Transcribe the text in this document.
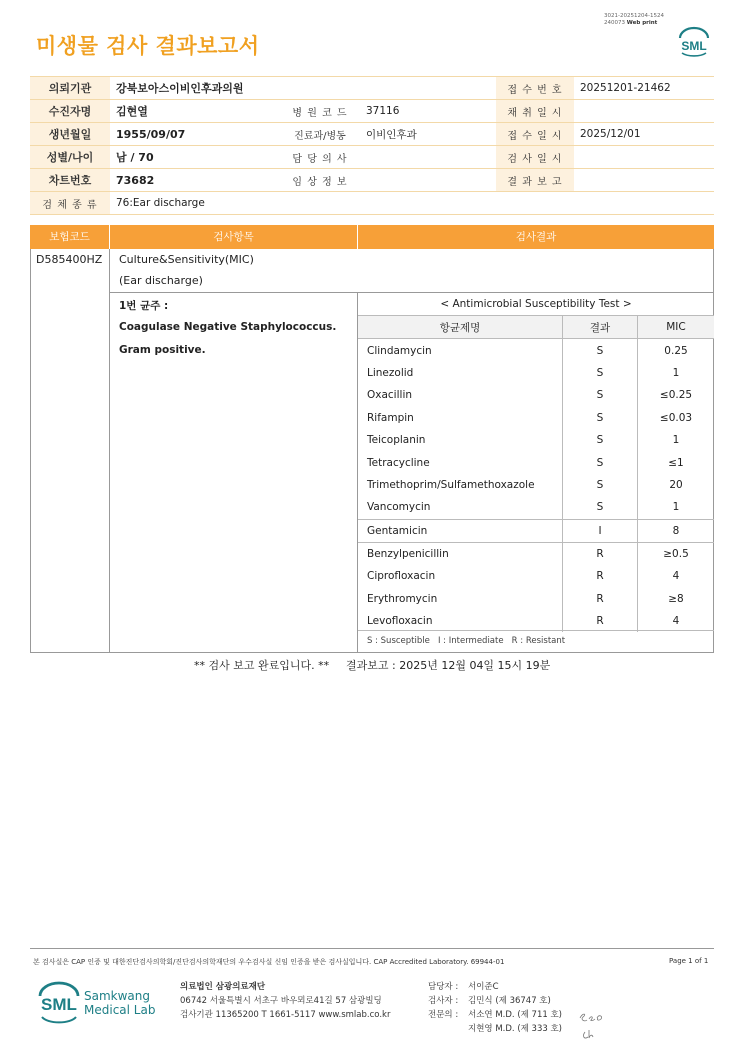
미생물 검사 결과보고서
3021-20251204-1524
240073 Web print
SML
의뢰기관	강북보아스이비인후과의원			접 수 번 호	20251201-21462
수진자명	김현열	병 원 코 드	37116	채 취 일 시	
생년월일	1955/09/07	진료과/병동	이비인후과	접 수 일 시	2025/12/01
성별/나이	남 / 70	담 당 의 사		검 사 일 시	
차트번호	73682	임 상 정 보		결 과 보 고	
검 체 종 류	76:Ear discharge				
보험코드	검사항목	검사결과
D585400HZ Culture&Sensitivity(MIC)
(Ear discharge)
1번 균주 :
Coagulase Negative Staphylococcus.
Gram positive.
< Antimicrobial Susceptibility Test >
항균제명	결과	MIC
Clindamycin	S	0.25
Linezolid	S	1
Oxacillin	S	≤0.25
Rifampin	S	≤0.03
Teicoplanin	S	1
Tetracycline	S	≤1
Trimethoprim/Sulfamethoxazole	S	20
Vancomycin	S	1
Gentamicin	I	8
Benzylpenicillin	R	≥0.5
Ciprofloxacin	R	4
Erythromycin	R	≥8
Levofloxacin	R	4
S : Susceptible   I : Intermediate   R : Resistant
** 검사 보고 완료입니다. ** 결과보고 : 2025년 12월 04일 15시 19분
본 검사실은 CAP 인증 및 대한진단검사의학회/진단검사의학재단의 우수검사실 신임 인증을 받은 검사실입니다. CAP Accredited Laboratory. 69944-01	Page 1 of 1
SML Samkwang
Medical Lab
의료법인 삼광의료재단
06742 서울특별시 서초구 바우뫼로41길 57 삼광빌딩
검사기관 11365200 T 1661-5117 www.smlab.co.kr
담당자 : 서이준C
검사자 : 김민식 (제 36747 호)
전문의 : 서소연 M.D. (제 711 호)
지현영 M.D. (제 333 호)
